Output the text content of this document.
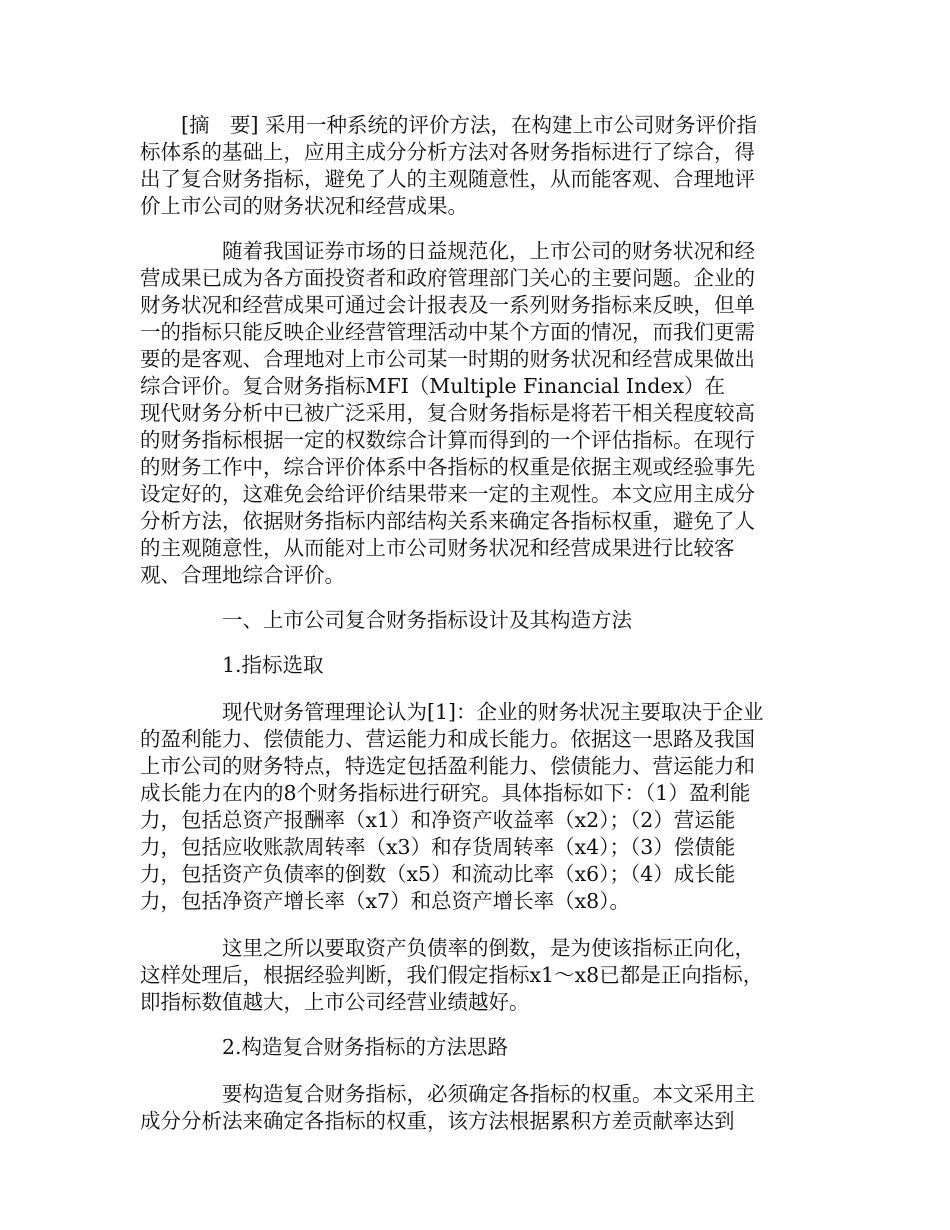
　　[摘　要] 采用一种系统的评价方法，在构建上市公司财务评价指
标体系的基础上，应用主成分分析方法对各财务指标进行了综合，得
出了复合财务指标，避免了人的主观随意性，从而能客观、合理地评
价上市公司的财务状况和经营成果。

　　　　随着我国证券市场的日益规范化，上市公司的财务状况和经
营成果已成为各方面投资者和政府管理部门关心的主要问题。企业的
财务状况和经营成果可通过会计报表及一系列财务指标来反映，但单
一的指标只能反映企业经营管理活动中某个方面的情况，而我们更需
要的是客观、合理地对上市公司某一时期的财务状况和经营成果做出
综合评价。复合财务指标MFI（Multiple Financial Index）在
现代财务分析中已被广泛采用，复合财务指标是将若干相关程度较高
的财务指标根据一定的权数综合计算而得到的一个评估指标。在现行
的财务工作中，综合评价体系中各指标的权重是依据主观或经验事先
设定好的，这难免会给评价结果带来一定的主观性。本文应用主成分
分析方法，依据财务指标内部结构关系来确定各指标权重，避免了人
的主观随意性，从而能对上市公司财务状况和经营成果进行比较客
观、合理地综合评价。

　　　　一、上市公司复合财务指标设计及其构造方法

　　　　1.指标选取

　　　　现代财务管理理论认为[1]：企业的财务状况主要取决于企业
的盈利能力、偿债能力、营运能力和成长能力。依据这一思路及我国
上市公司的财务特点，特选定包括盈利能力、偿债能力、营运能力和
成长能力在内的8个财务指标进行研究。具体指标如下：（1）盈利能
力，包括总资产报酬率（x1）和净资产收益率（x2）；（2）营运能
力，包括应收账款周转率（x3）和存货周转率（x4）；（3）偿债能
力，包括资产负债率的倒数（x5）和流动比率（x6）；（4）成长能
力，包括净资产增长率（x7）和总资产增长率（x8）。

　　　　这里之所以要取资产负债率的倒数，是为使该指标正向化，
这样处理后，根据经验判断，我们假定指标x1～x8已都是正向指标，
即指标数值越大，上市公司经营业绩越好。

　　　　2.构造复合财务指标的方法思路

　　　　要构造复合财务指标，必须确定各指标的权重。本文采用主
成分分析法来确定各指标的权重，该方法根据累积方差贡献率达到
